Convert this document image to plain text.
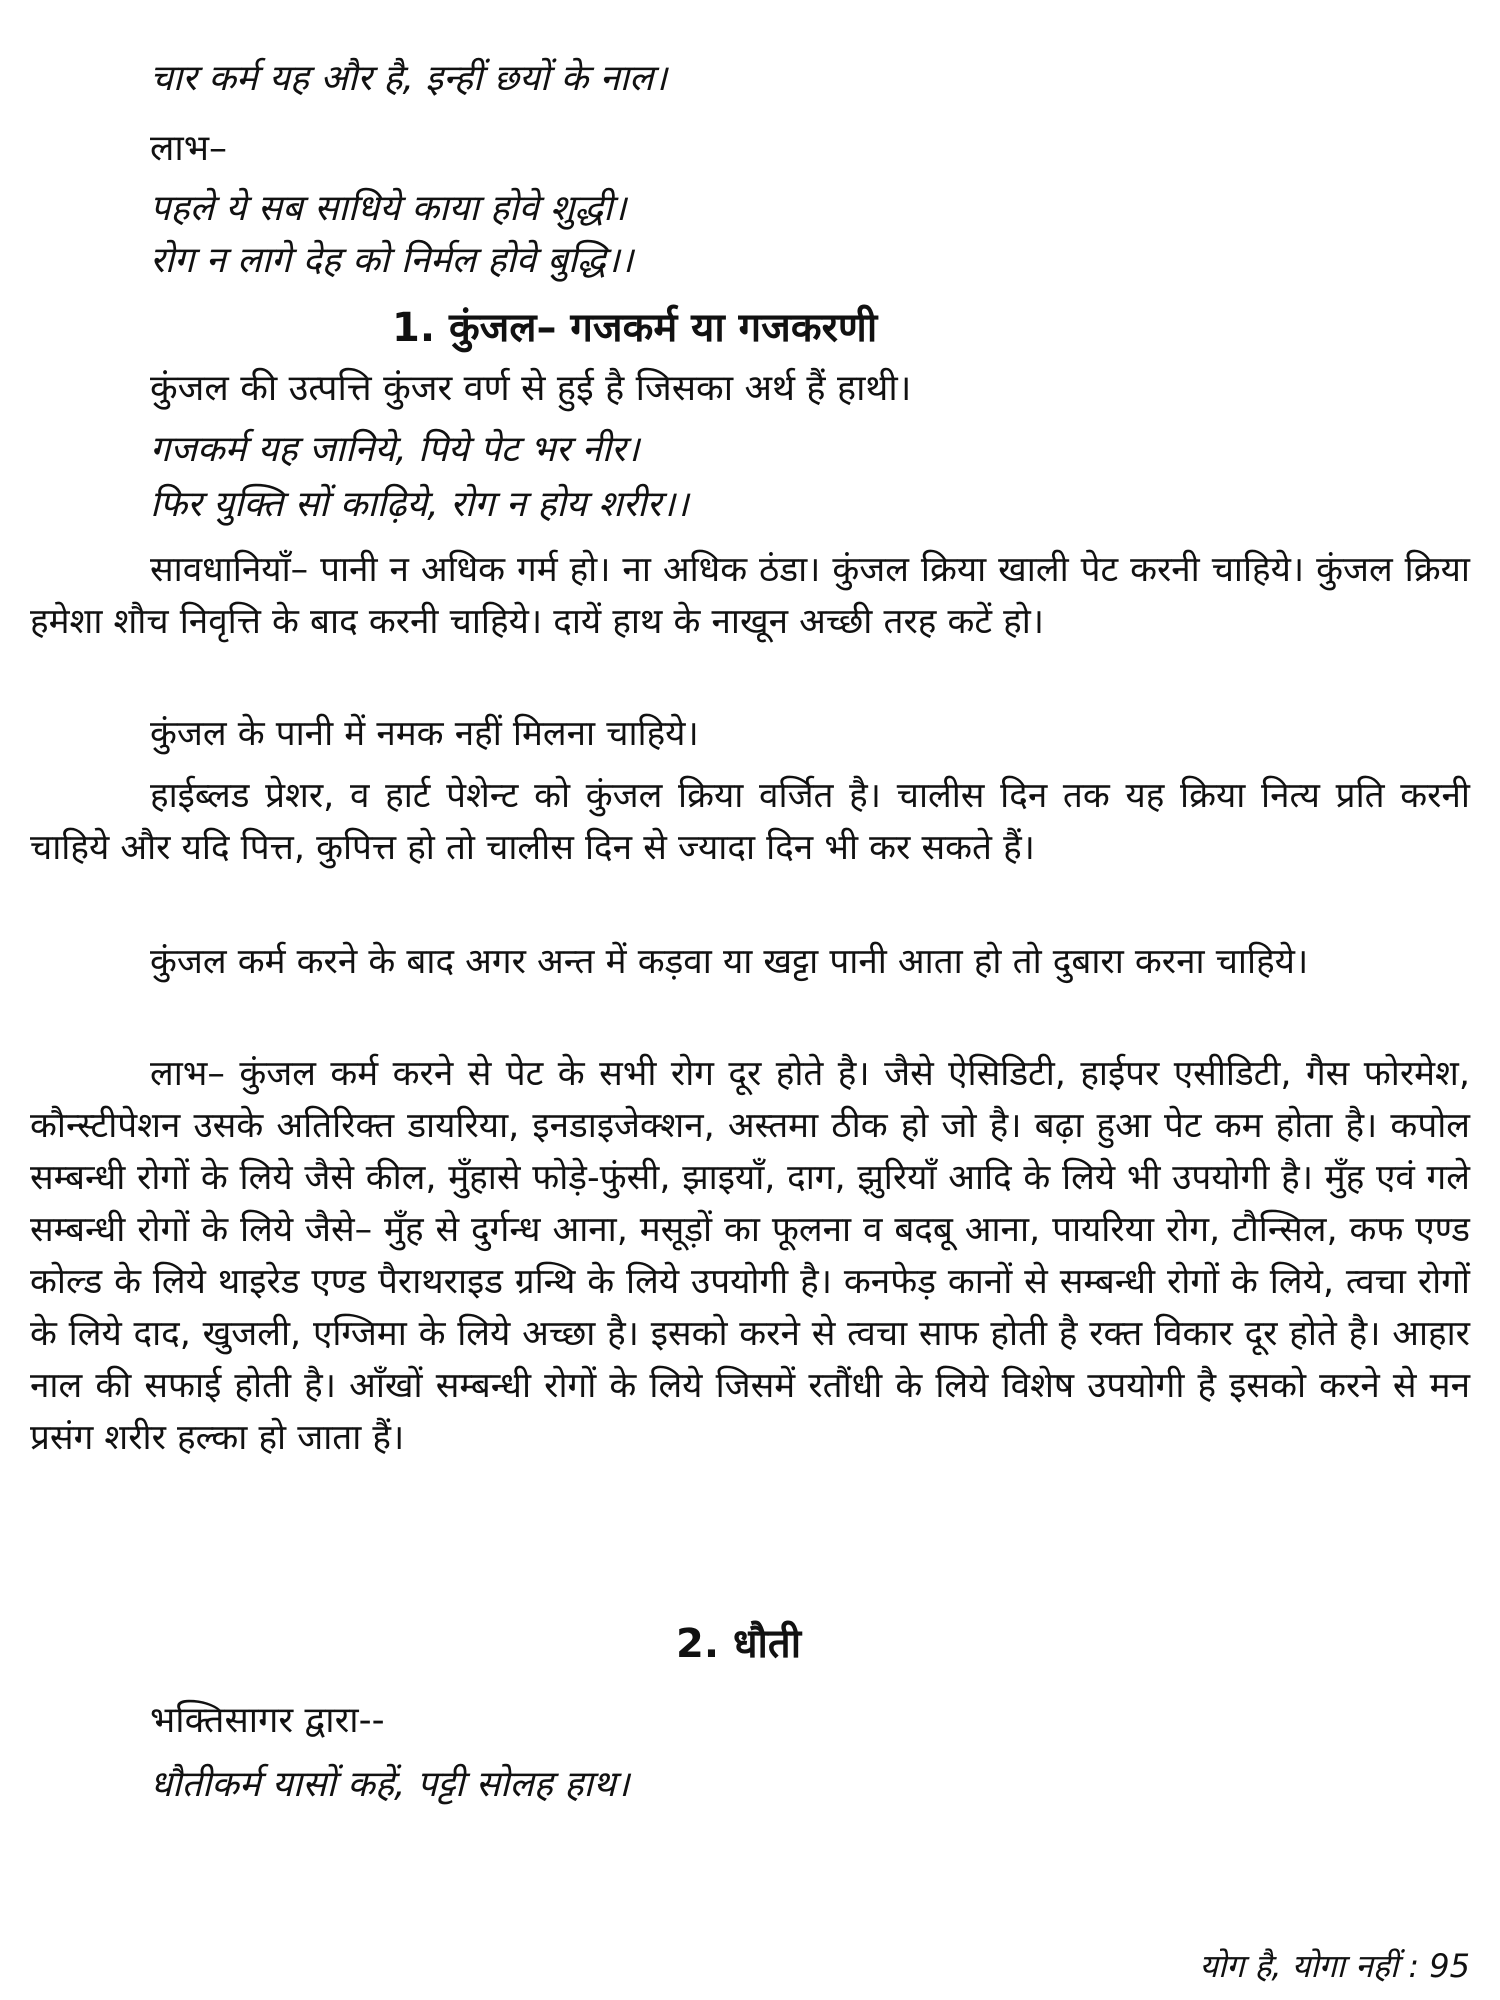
चार कर्म यह और है, इन्हीं छयों के नाल।
लाभ–
पहले ये सब साधिये काया होवे शुद्धी।
रोग न लागे देह को निर्मल होवे बुद्धि।।
1. कुंजल– गजकर्म या गजकरणी
कुंजल की उत्पत्ति कुंजर वर्ण से हुई है जिसका अर्थ हैं हाथी।
गजकर्म यह जानिये, पिये पेट भर नीर।
फिर युक्ति सों काढ़िये, रोग न होय शरीर।।
सावधानियाँ– पानी न अधिक गर्म हो। ना अधिक ठंडा। कुंजल क्रिया खाली पेट करनी चाहिये। कुंजल क्रिया हमेशा शौच निवृत्ति के बाद करनी चाहिये। दायें हाथ के नाखून अच्छी तरह कटें हो।
कुंजल के पानी में नमक नहीं मिलना चाहिये।
हाईब्लड प्रेशर, व हार्ट पेशेन्ट को कुंजल क्रिया वर्जित है। चालीस दिन तक यह क्रिया नित्य प्रति करनी चाहिये और यदि पित्त, कुपित्त हो तो चालीस दिन से ज्यादा दिन भी कर सकते हैं।
कुंजल कर्म करने के बाद अगर अन्त में कड़वा या खट्टा पानी आता हो तो दुबारा करना चाहिये।
लाभ– कुंजल कर्म करने से पेट के सभी रोग दूर होते है। जैसे ऐसिडिटी, हाईपर एसीडिटी, गैस फोरमेश, कौन्स्टीपेशन उसके अतिरिक्त डायरिया, इनडाइजेक्शन, अस्तमा ठीक हो जो है। बढ़ा हुआ पेट कम होता है। कपोल सम्बन्धी रोगों के लिये जैसे कील, मुँहासे फोड़े-फुंसी, झाइयाँ, दाग, झुरियाँ आदि के लिये भी उपयोगी है। मुँह एवं गले सम्बन्धी रोगों के लिये जैसे– मुँह से दुर्गन्ध आना, मसूड़ों का फूलना व बदबू आना, पायरिया रोग, टौन्सिल, कफ एण्ड कोल्ड के लिये थाइरेड एण्ड पैराथराइड ग्रन्थि के लिये उपयोगी है। कनफेड़ कानों से सम्बन्धी रोगों के लिये, त्वचा रोगों के लिये दाद, खुजली, एग्जिमा के लिये अच्छा है। इसको करने से त्वचा साफ होती है रक्त विकार दूर होते है। आहार नाल की सफाई होती है। आँखों सम्बन्धी रोगों के लिये जिसमें रतौंधी के लिये विशेष उपयोगी है इसको करने से मन प्रसंग शरीर हल्का हो जाता हैं।
2. धौती
भक्तिसागर द्वारा--
धौतीकर्म यासों कहें, पट्टी सोलह हाथ।
योग है, योगा नहीं : 95
